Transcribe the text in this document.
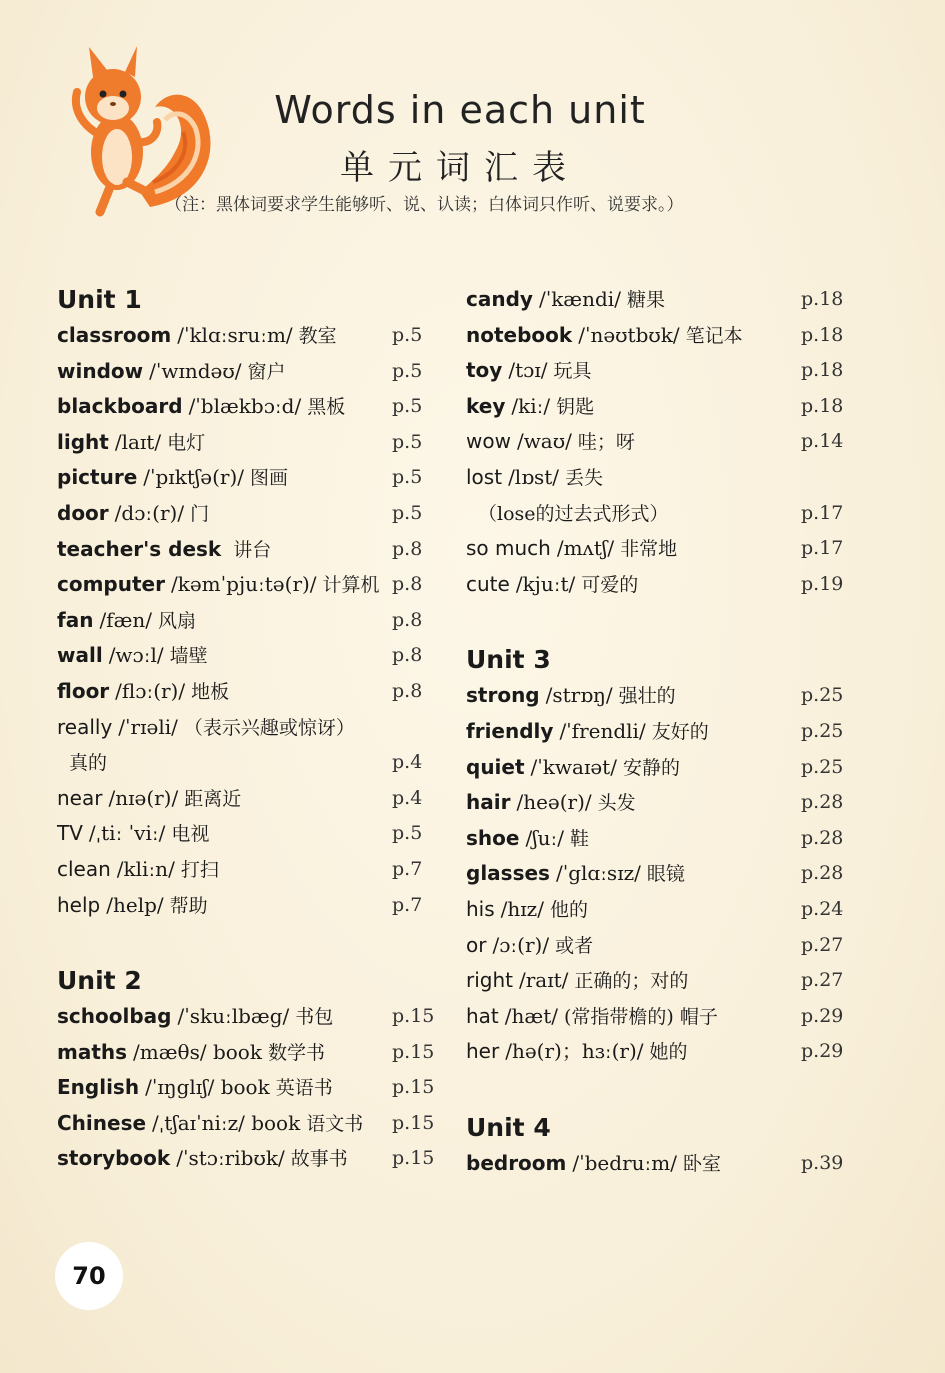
Words in each unit
单元词汇表
（注：黑体词要求学生能够听、说、认读；白体词只作听、说要求。）
Unit 1
classroom /ˈklɑːsruːm/ 教室	p.5
window /ˈwɪndəʊ/ 窗户	p.5
blackboard /ˈblækbɔːd/ 黑板 p.5
light /laɪt/ 电灯	p.5
picture /ˈpɪktʃə(r)/ 图画	p.5
door /dɔː(r)/ 门	p.5
teacher's desk 讲台	p.8
computer /kəmˈpjuːtə(r)/ 计算机 p.8
fan /fæn/ 风扇	p.8
wall /wɔːl/ 墙壁	p.8
floor /flɔː(r)/ 地板	p.8
really /ˈrɪəli/ （表示兴趣或惊讶）
真的	p.4
near /nɪə(r)/ 距离近	p.4
TV /ˌtiː ˈviː/ 电视	p.5
clean /kliːn/ 打扫	p.7
help /help/ 帮助	p.7
Unit 2
schoolbag /ˈskuːlbæg/ 书包	p.15
maths /mæθs/ book 数学书	p.15
English /ˈɪŋglɪʃ/ book 英语书	p.15
Chinese /ˌtʃaɪˈniːz/ book 语文书 p.15
storybook /ˈstɔːribʊk/ 故事书 p.15
candy /ˈkændi/ 糖果	p.18
notebook /ˈnəʊtbʊk/ 笔记本	p.18
toy /tɔɪ/ 玩具	p.18
key /kiː/ 钥匙	p.18
wow /waʊ/ 哇；呀	p.14
lost /lɒst/ 丢失
（lose的过去式形式）	p.17
so much /mʌtʃ/ 非常地	p.17
cute /kjuːt/ 可爱的	p.19
Unit 3
strong /strɒŋ/ 强壮的	p.25
friendly /ˈfrendli/ 友好的	p.25
quiet /ˈkwaɪət/ 安静的	p.25
hair /heə(r)/ 头发	p.28
shoe /ʃuː/ 鞋	p.28
glasses /ˈglɑːsɪz/ 眼镜	p.28
his /hɪz/ 他的	p.24
or /ɔː(r)/ 或者	p.27
right /raɪt/ 正确的；对的	p.27
hat /hæt/ (常指带檐的) 帽子	p.29
her /hə(r)；hɜː(r)/ 她的	p.29
Unit 4
bedroom /ˈbedruːm/ 卧室	p.39
70
